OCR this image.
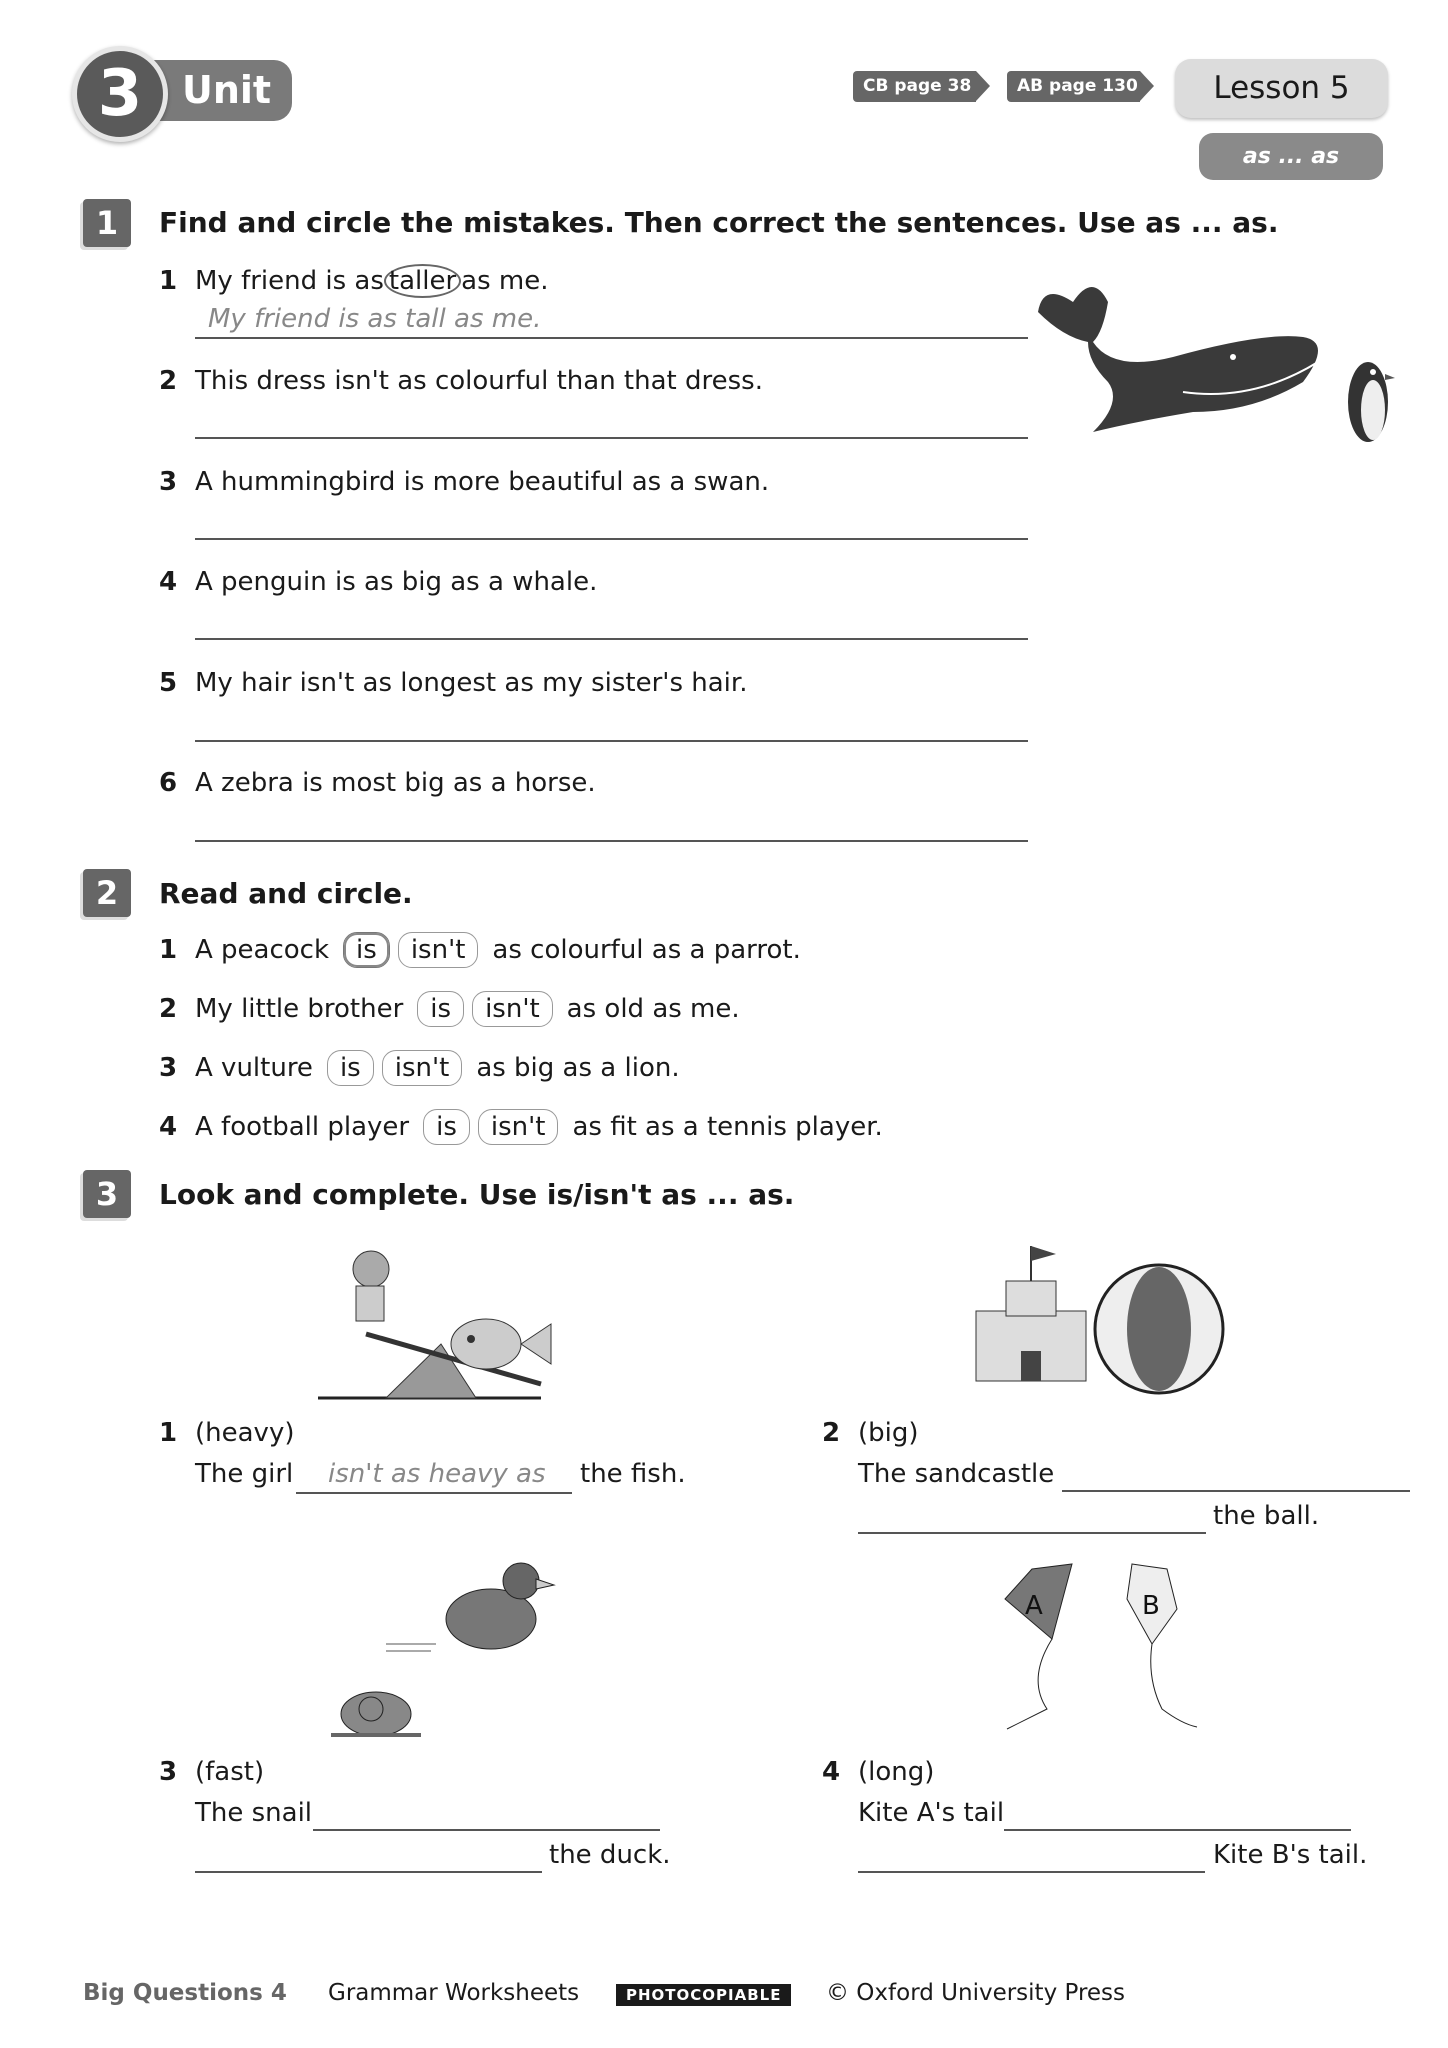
3	Unit	CB page 38	AB page 130	Lesson 5
as ... as
1	Find and circle the mistakes. Then correct the sentences. Use as ... as.
1 My friend is as taller as me.
My friend is as tall as me.
2 This dress isn't as colourful than that dress.
3 A hummingbird is more beautiful as a swan.
4 A penguin is as big as a whale.
5 My hair isn't as longest as my sister's hair.
6 A zebra is most big as a horse.
2	Read and circle.
1 A peacock	is isn't	as colourful as a parrot.
2 My little brother	is isn't	as old as me.
3 A vulture	is isn't	as big as a lion.
4 A football player	is isn't	as fit as a tennis player.
3	Look and complete. Use is/isn't as ... as.
A	B
1 (heavy)
The girl isn't as heavy as the fish.
2 (big)
The sandcastle
the ball.
3 (fast)
The snail
the duck.
4 (long)
Kite A's tail
Kite B's tail.
Big Questions 4 Grammar Worksheets	PHOTOCOPIABLE	© Oxford University Press
